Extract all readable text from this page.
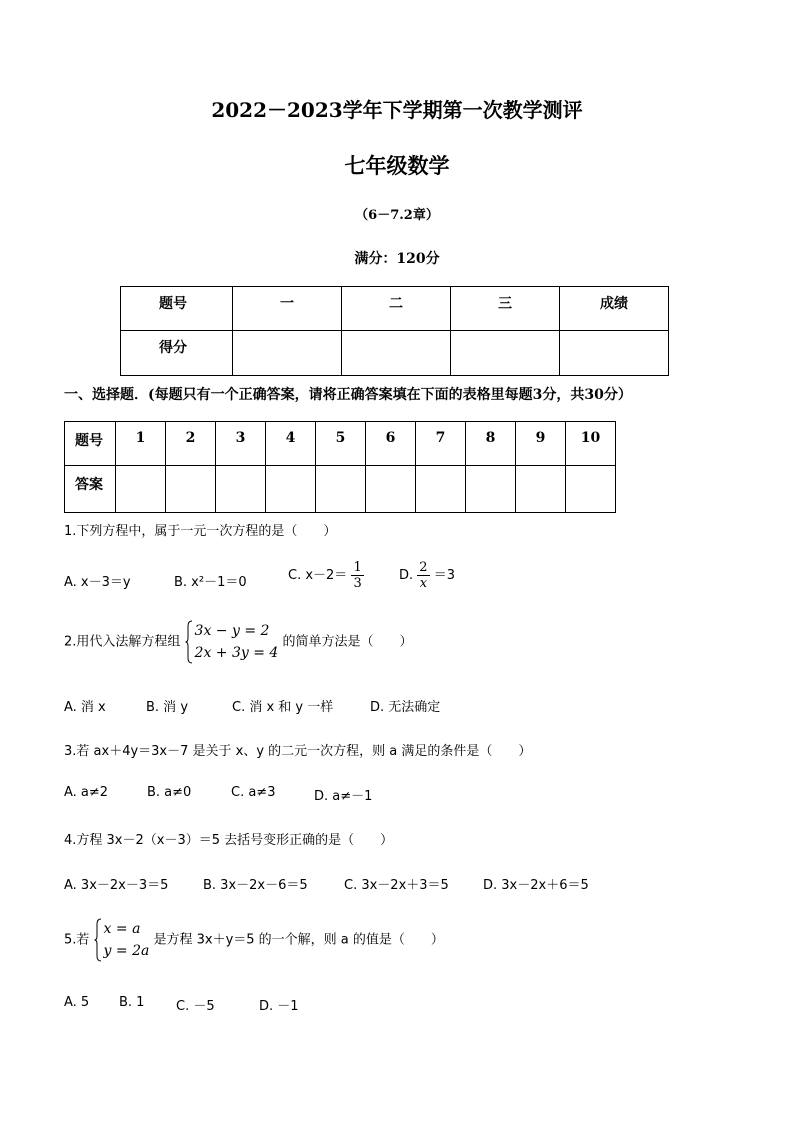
2022－2023学年下学期第一次教学测评
七年级数学
（6－7.2章）
满分：120分
题号	一	二	三	成绩
得分				
一、选择题．(每题只有一个正确答案，请将正确答案填在下面的表格里每题3分，共30分）
题号	1	2	3	4	5	6	7	8	9	10
答案										
1.下列方程中，属于一元一次方程的是（　　）
A. x－3＝y	B. x²－1＝0	C. $x-2= \frac{1}{3}$	D. $\frac{2}{x} =3$
2.用代入法解方程组
3x − y = 2
2x + 3y = 4
的简单方法是（　　）
A. 消 x	B. 消 y	C. 消 x 和 y 一样	D. 无法确定
3.若 ax＋4y＝3x－7 是关于 x、y 的二元一次方程，则 a 满足的条件是（　　）
A. a≠2	B. a≠0	C. a≠3	D. a≠－1
4.方程 3x－2（x－3）＝5 去括号变形正确的是（　　）
A. 3x－2x－3＝5	B. 3x－2x－6＝5	C. 3x－2x＋3＝5	D. 3x－2x＋6＝5
5.若
x = a
y = 2a
是方程 3x＋y＝5 的一个解，则 a 的值是（　　）
A. 5 B. 1 C. －5	D. －1
